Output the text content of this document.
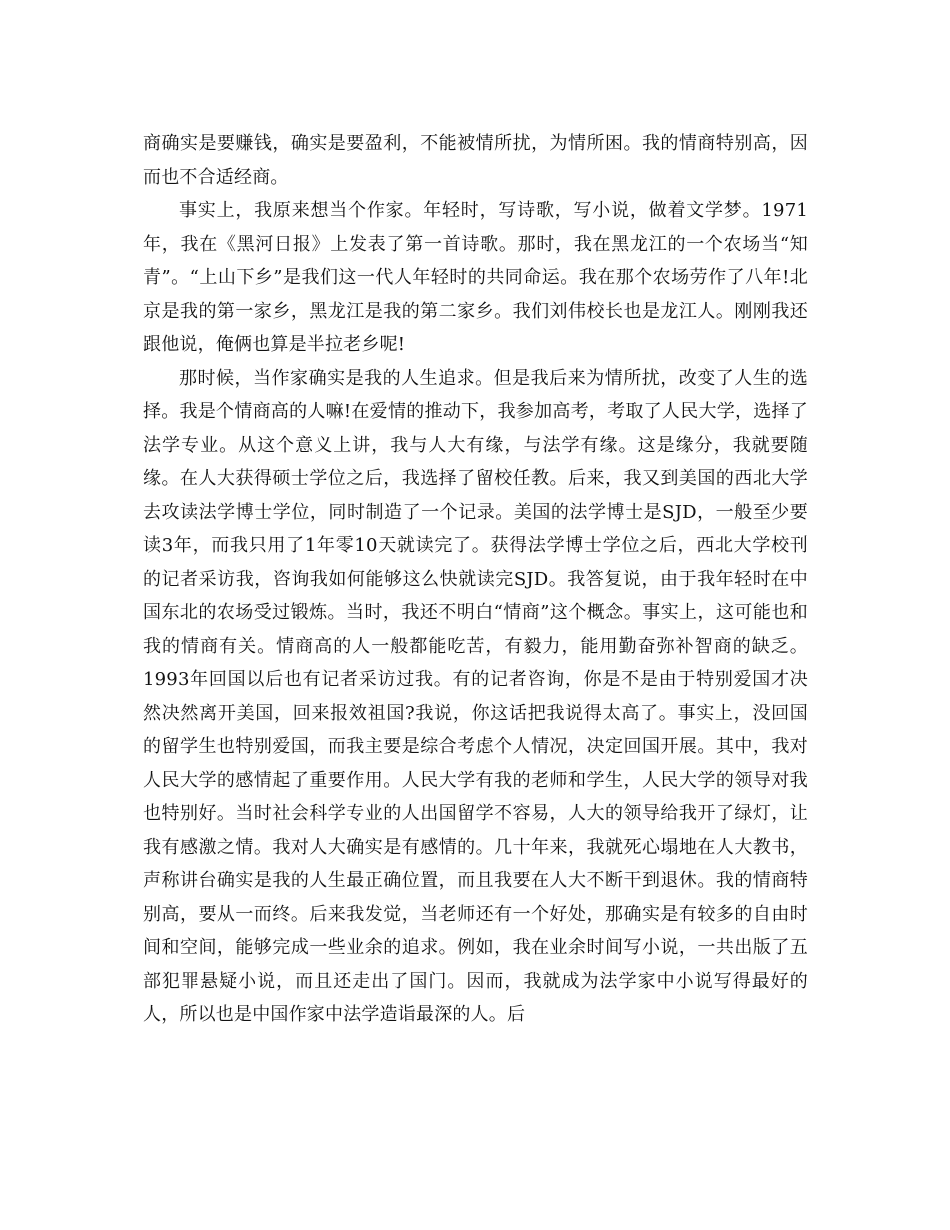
商确实是要赚钱，确实是要盈利，不能被情所扰，为情所困。我的情商特别高，因而也不合适经商。

事实上，我原来想当个作家。年轻时，写诗歌，写小说，做着文学梦。1971年，我在《黑河日报》上发表了第一首诗歌。那时，我在黑龙江的一个农场当“知青”。“上山下乡”是我们这一代人年轻时的共同命运。我在那个农场劳作了八年!北京是我的第一家乡，黑龙江是我的第二家乡。我们刘伟校长也是龙江人。刚刚我还跟他说，俺俩也算是半拉老乡呢!

那时候，当作家确实是我的人生追求。但是我后来为情所扰，改变了人生的选择。我是个情商高的人嘛!在爱情的推动下，我参加高考，考取了人民大学，选择了法学专业。从这个意义上讲，我与人大有缘，与法学有缘。这是缘分，我就要随缘。在人大获得硕士学位之后，我选择了留校任教。后来，我又到美国的西北大学去攻读法学博士学位，同时制造了一个记录。美国的法学博士是SJD，一般至少要读3年，而我只用了1年零10天就读完了。获得法学博士学位之后，西北大学校刊的记者采访我，咨询我如何能够这么快就读完SJD。我答复说，由于我年轻时在中国东北的农场受过锻炼。当时，我还不明白“情商”这个概念。事实上，这可能也和我的情商有关。情商高的人一般都能吃苦，有毅力，能用勤奋弥补智商的缺乏。1993年回国以后也有记者采访过我。有的记者咨询，你是不是由于特别爱国才决然决然离开美国，回来报效祖国?我说，你这话把我说得太高了。事实上，没回国的留学生也特别爱国，而我主要是综合考虑个人情况，决定回国开展。其中，我对人民大学的感情起了重要作用。人民大学有我的老师和学生，人民大学的领导对我也特别好。当时社会科学专业的人出国留学不容易，人大的领导给我开了绿灯，让我有感激之情。我对人大确实是有感情的。几十年来，我就死心塌地在人大教书，声称讲台确实是我的人生最正确位置，而且我要在人大不断干到退休。我的情商特别高，要从一而终。后来我发觉，当老师还有一个好处，那确实是有较多的自由时间和空间，能够完成一些业余的追求。例如，我在业余时间写小说，一共出版了五部犯罪悬疑小说，而且还走出了国门。因而，我就成为法学家中小说写得最好的人，所以也是中国作家中法学造诣最深的人。后
